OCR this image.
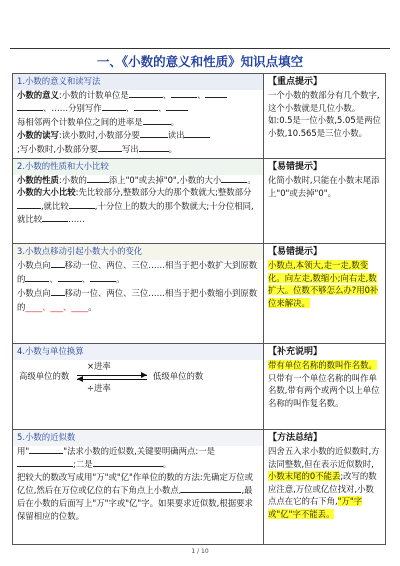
一、《小数的意义和性质》知识点填空
1.小数的意义和读写法
小数的意义:小数的计数单位是	、	、
、……分别写作	、	、
每相邻两个计数单位之间的进率是	。
小数的读写:读小数时,小数部分要	读出
;写小数时,小数部分要	写出	。
【重点提示】
一个小数的数部分有几个数字,这个小数就是几位小数。如:0.5是一位小数,5.05是两位小数,10.565是三位小数。
2.小数的性质和大小比较
小数的性质:小数的	添上"0"或去掉"0",小数的大小	。
小数的大小比较:先比较部分,整数部分大的那个数就大;整数部分,就比较	,十分位上的数大的那个数就大;十分位相同,就比较	……
【易错提示】
化简小数时,只能在小数末尾添上"0"或去掉"0"。
3.小数点移动引起小数大小的变化
小数点向 移动一位、两位、三位……相当于把小数扩大到原数的	、	、	。
小数点向 移动一位、两位、三位……相当于把小数缩小到原数的____、___、____。
【易错提示】
小数点,本领大,走一走,数变化。向左走,数缩小;向右走,数扩大。位数不够怎么办?用0补位来解决。
4.小数与单位换算
×进率
高级单位的数	低级单位的数
÷进率
【补充说明】
带有单位名称的数叫作名数。只带有一个单位名称的叫作单名数,带有两个或两个以上单位名称的叫作复名数。
5.小数的近似数
用"	"法求小数的近似数,关键要明确两点:一是;二是	。
把较大的数改写成用"万"或"亿"作单位的数的方法:先确定万位或亿位,然后在万位或亿位的右下角点上小数点,	,最后在小数的后面写上"万"字或"亿"字。如果要求近似数,根据要求保留相应的位数。
【方法总结】
四舍五入求小数的近似数时,方法同整数,但在表示近似数时,小数末尾的0不能丢;改写的数应注意,万位或亿位找对,小数点点在它的右下角,"万"字或"亿"字不能丢。
1 / 10
